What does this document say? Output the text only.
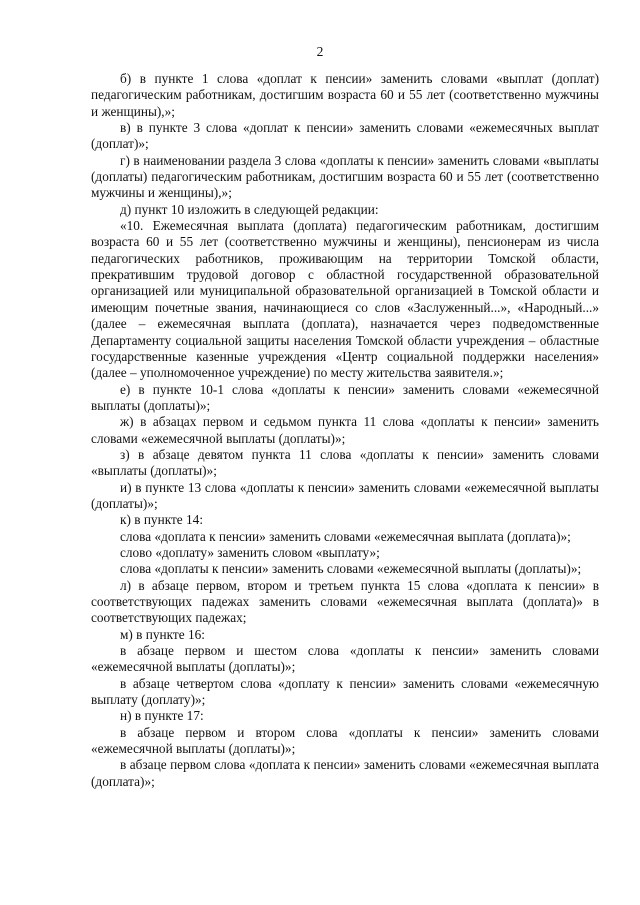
2

б) в пункте 1 слова «доплат к пенсии» заменить словами «выплат (доплат) педагогическим работникам, достигшим возраста 60 и 55 лет (соответственно мужчины и женщины),»;

в) в пункте 3 слова «доплат к пенсии» заменить словами «ежемесячных выплат (доплат)»;

г) в наименовании раздела 3 слова «доплаты к пенсии» заменить словами «выплаты (доплаты) педагогическим работникам, достигшим возраста 60 и 55 лет (соответственно мужчины и женщины),»;

д) пункт 10 изложить в следующей редакции:

«10. Ежемесячная выплата (доплата) педагогическим работникам, достигшим возраста 60 и 55 лет (соответственно мужчины и женщины), пенсионерам из числа педагогических работников, проживающим на территории Томской области, прекратившим трудовой договор с областной государственной образовательной организацией или муниципальной образовательной организацией в Томской области и имеющим почетные звания, начинающиеся со слов «Заслуженный...», «Народный...» (далее – ежемесячная выплата (доплата), назначается через подведомственные Департаменту социальной защиты населения Томской области учреждения – областные государственные казенные учреждения «Центр социальной поддержки населения» (далее – уполномоченное учреждение) по месту жительства заявителя.»;

е) в пункте 10-1 слова «доплаты к пенсии» заменить словами «ежемесячной выплаты (доплаты)»;

ж) в абзацах первом и седьмом пункта 11 слова «доплаты к пенсии» заменить словами «ежемесячной выплаты (доплаты)»;

з) в абзаце девятом пункта 11 слова «доплаты к пенсии» заменить словами «выплаты (доплаты)»;

и) в пункте 13 слова «доплаты к пенсии» заменить словами «ежемесячной выплаты (доплаты)»;

к) в пункте 14:

слова «доплата к пенсии» заменить словами «ежемесячная выплата (доплата)»;

слово «доплату» заменить словом «выплату»;

слова «доплаты к пенсии» заменить словами «ежемесячной выплаты (доплаты)»;

л) в абзаце первом, втором и третьем пункта 15 слова «доплата к пенсии» в соответствующих падежах заменить словами «ежемесячная выплата (доплата)» в соответствующих падежах;

м) в пункте 16:

в абзаце первом и шестом слова «доплаты к пенсии» заменить словами «ежемесячной выплаты (доплаты)»;

в абзаце четвертом слова «доплату к пенсии» заменить словами «ежемесячную выплату (доплату)»;

н) в пункте 17:

в абзаце первом и втором слова «доплаты к пенсии» заменить словами «ежемесячной выплаты (доплаты)»;

в абзаце первом слова «доплата к пенсии» заменить словами «ежемесячная выплата (доплата)»;
